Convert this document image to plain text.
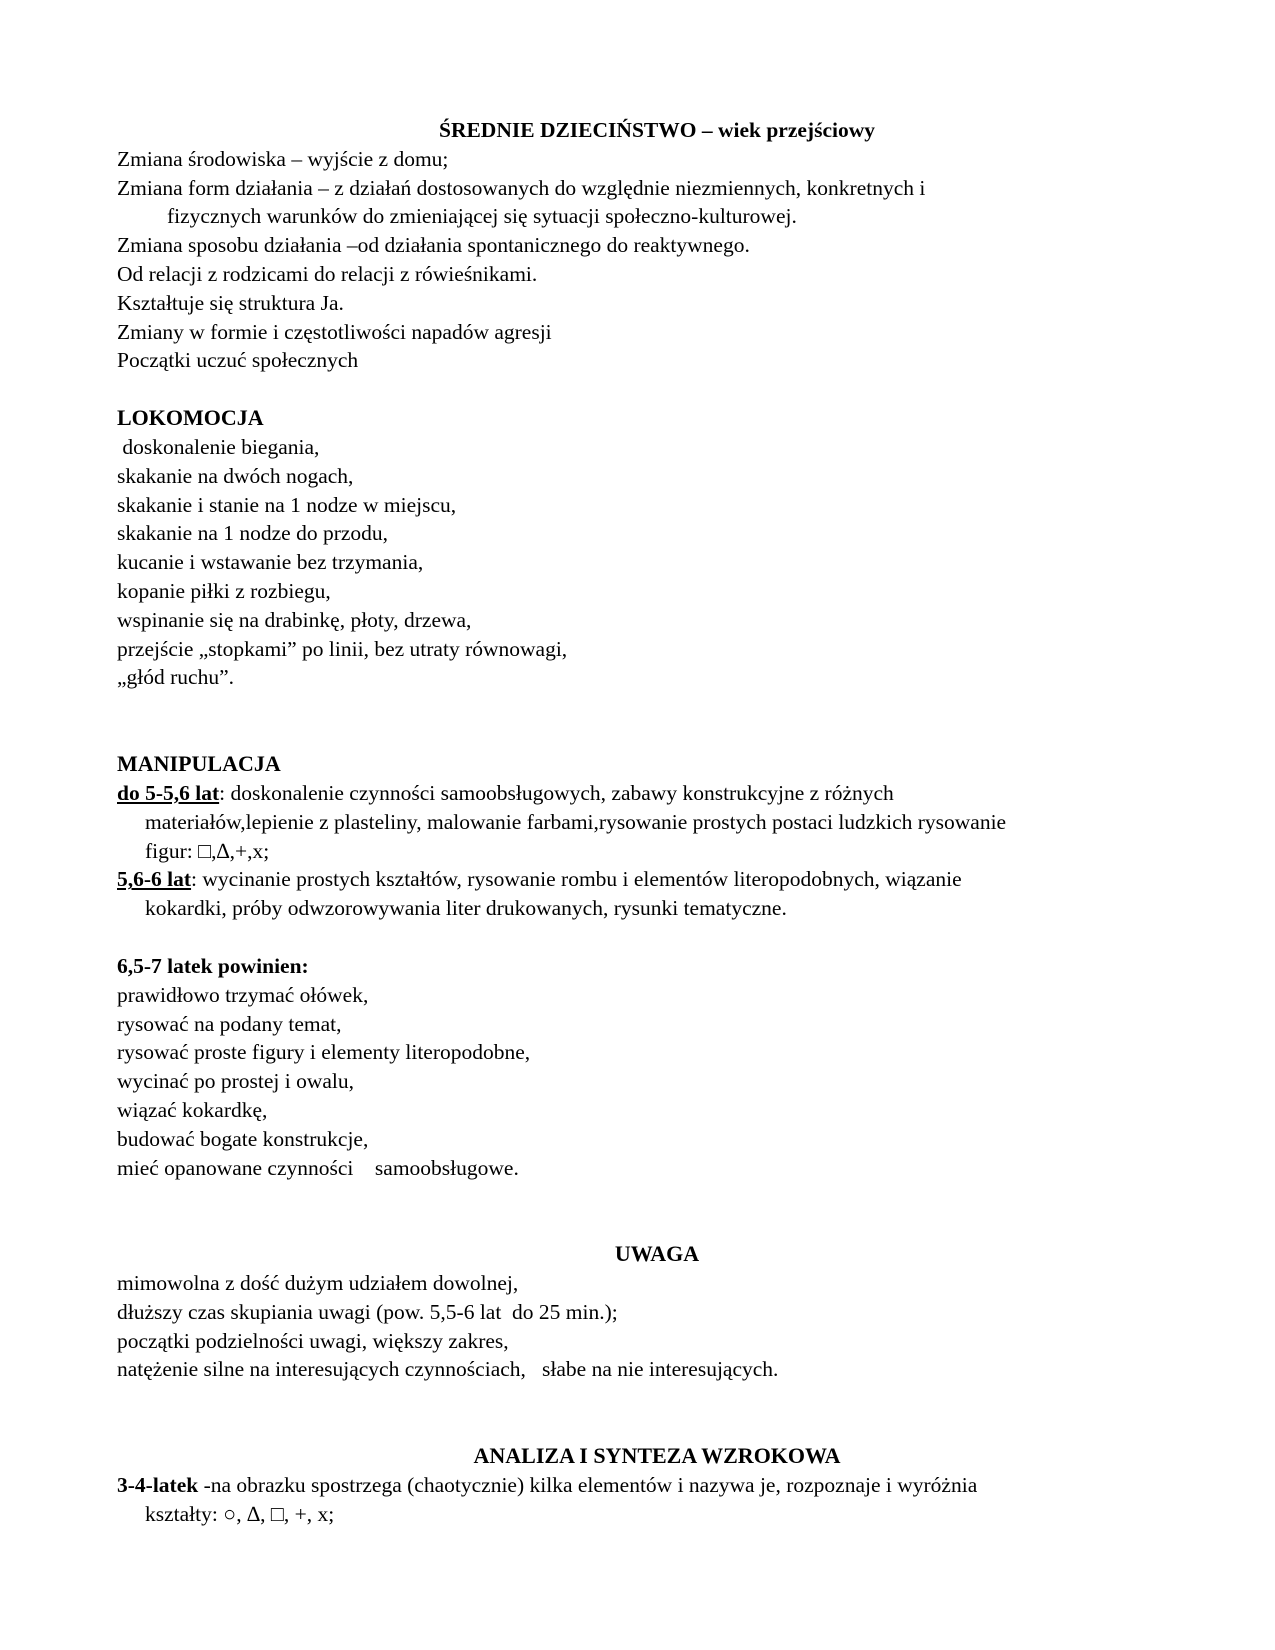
ŚREDNIE DZIECIŃSTWO – wiek przejściowy

Zmiana środowiska – wyjście z domu;

Zmiana form działania – z działań dostosowanych do względnie niezmiennych, konkretnych i

fizycznych warunków do zmieniającej się sytuacji społeczno-kulturowej.

Zmiana sposobu działania –od działania spontanicznego do reaktywnego.

Od relacji z rodzicami do relacji z rówieśnikami.

Kształtuje się struktura Ja.

Zmiany w formie i częstotliwości napadów agresji

Początki uczuć społecznych

LOKOMOCJA

doskonalenie biegania,

skakanie na dwóch nogach,

skakanie i stanie na 1 nodze w miejscu,

skakanie na 1 nodze do przodu,

kucanie i wstawanie bez trzymania,

kopanie piłki z rozbiegu,

wspinanie się na drabinkę, płoty, drzewa,

przejście „stopkami” po linii, bez utraty równowagi,

„głód ruchu”.

MANIPULACJA

do 5-5,6 lat: doskonalenie czynności samoobsługowych, zabawy konstrukcyjne z różnych

materiałów,lepienie z plasteliny, malowanie farbami,rysowanie prostych postaci ludzkich rysowanie

figur: □,∆,+,x;

5,6-6 lat: wycinanie prostych kształtów, rysowanie rombu i elementów literopodobnych, wiązanie

kokardki, próby odwzorowywania liter drukowanych, rysunki tematyczne.

6,5-7 latek powinien:

prawidłowo trzymać ołówek,

rysować na podany temat,

rysować proste figury i elementy literopodobne,

wycinać po prostej i owalu,

wiązać kokardkę,

budować bogate konstrukcje,

mieć opanowane czynności    samoobsługowe.

UWAGA

mimowolna z dość dużym udziałem dowolnej,

dłuższy czas skupiania uwagi (pow. 5,5-6 lat  do 25 min.);

początki podzielności uwagi, większy zakres,

natężenie silne na interesujących czynnościach,   słabe na nie interesujących.

ANALIZA I SYNTEZA WZROKOWA

3-4-latek -na obrazku spostrzega (chaotycznie) kilka elementów i nazywa je, rozpoznaje i wyróżnia

kształty: ○, ∆, □, +, x;
